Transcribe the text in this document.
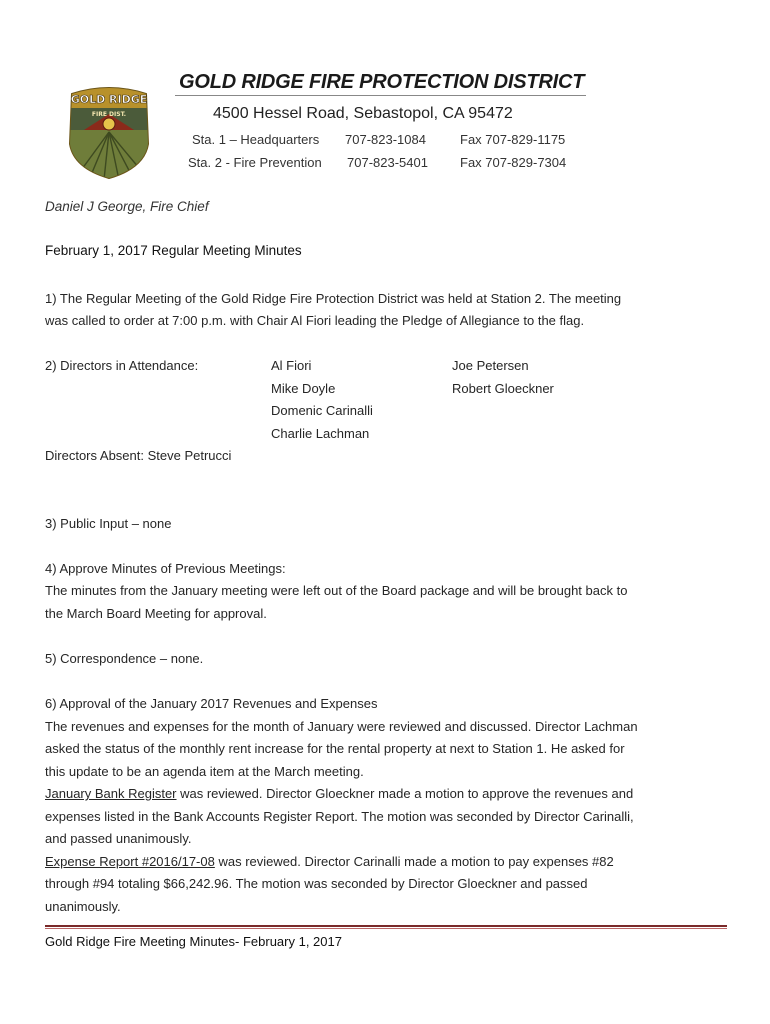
GOLD RIDGE
FIRE DIST.
GOLD RIDGE FIRE PROTECTION DISTRICT
4500 Hessel Road, Sebastopol, CA 95472
Sta. 1 – Headquarters 707-823-1084	Fax 707-829-1175
Sta. 2 - Fire Prevention 707-823-5401 Fax 707-829-7304
Daniel J George, Fire Chief
February 1, 2017 Regular Meeting Minutes
1) The Regular Meeting of the Gold Ridge Fire Protection District was held at Station 2. The meeting
was called to order at 7:00 p.m. with Chair Al Fiori leading the Pledge of Allegiance to the flag.
2) Directors in Attendance:	Al Fiori
Mike Doyle
Domenic Carinalli
Charlie Lachman
Joe Petersen
Robert Gloeckner
Directors Absent: Steve Petrucci
3) Public Input – none
4) Approve Minutes of Previous Meetings:
The minutes from the January meeting were left out of the Board package and will be brought back to
the March Board Meeting for approval.
5) Correspondence – none.
6) Approval of the January 2017 Revenues and Expenses
The revenues and expenses for the month of January were reviewed and discussed. Director Lachman
asked the status of the monthly rent increase for the rental property at next to Station 1. He asked for
this update to be an agenda item at the March meeting.
January Bank Register was reviewed. Director Gloeckner made a motion to approve the revenues and
expenses listed in the Bank Accounts Register Report. The motion was seconded by Director Carinalli,
and passed unanimously.
Expense Report #2016/17-08 was reviewed. Director Carinalli made a motion to pay expenses #82
through #94 totaling $66,242.96. The motion was seconded by Director Gloeckner and passed
unanimously.
Gold Ridge Fire Meeting Minutes- February 1, 2017
